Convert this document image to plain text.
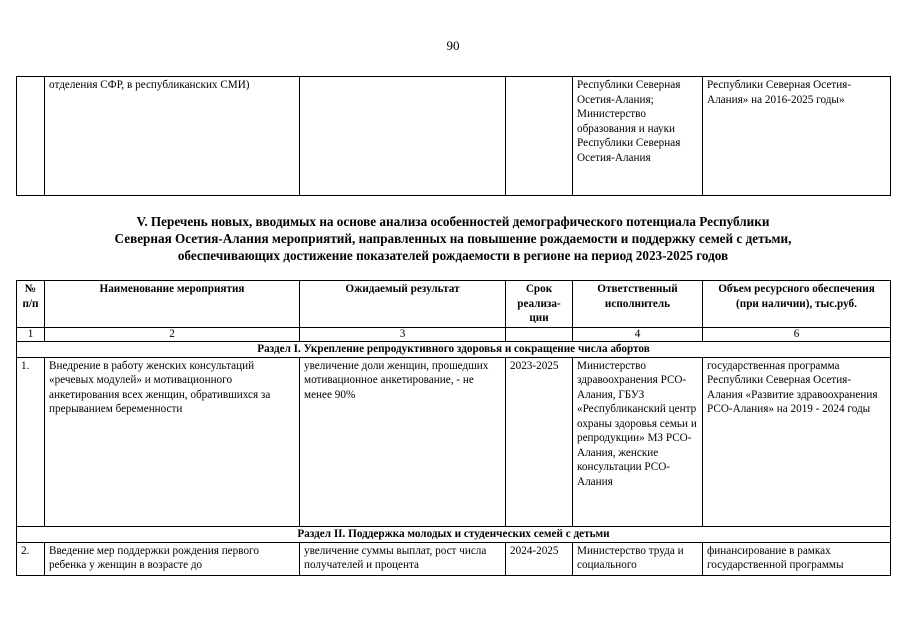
90
	отделения СФР, в республиканских СМИ)			Республики Северная Осетия-Алания; Министерство образования и науки Республики Северная Осетия-Алания	Республики Северная Осетия-Алания» на 2016-2025 годы»
V. Перечень новых, вводимых на основе анализа особенностей демографического потенциала Республики
Северная Осетия-Алания мероприятий, направленных на повышение рождаемости и поддержку семей с детьми,
обеспечивающих достижение показателей рождаемости в регионе на период 2023-2025 годов
№ п/п	Наименование мероприятия	Ожидаемый результат	Срок реализа-ции	Ответственный исполнитель	Объем ресурсного обеспечения (при наличии), тыс.руб.
1	2	3		4	6
Раздел I. Укрепление репродуктивного здоровья и сокращение числа абортов					
1.	Внедрение в работу женских консультаций «речевых модулей» и мотивационного анкетирования всех женщин, обратившихся за прерыванием беременности	увеличение доли женщин, прошедших мотивационное анкетирование, - не менее 90%	2023-2025	Министерство здравоохранения РСО-Алания, ГБУЗ «Республиканский центр охраны здоровья семьи и репродукции» МЗ РСО-Алания, женские консультации РСО-Алания	государственная программа Республики Северная Осетия-Алания «Развитие здравоохранения РСО-Алания» на 2019 - 2024 годы
Раздел II. Поддержка молодых и студенческих семей с детьми					
2.	Введение мер поддержки рождения первого ребенка у женщин в возрасте до	увеличение суммы выплат, рост числа получателей и процента	2024-2025	Министерство труда и социального	финансирование в рамках государственной программы
